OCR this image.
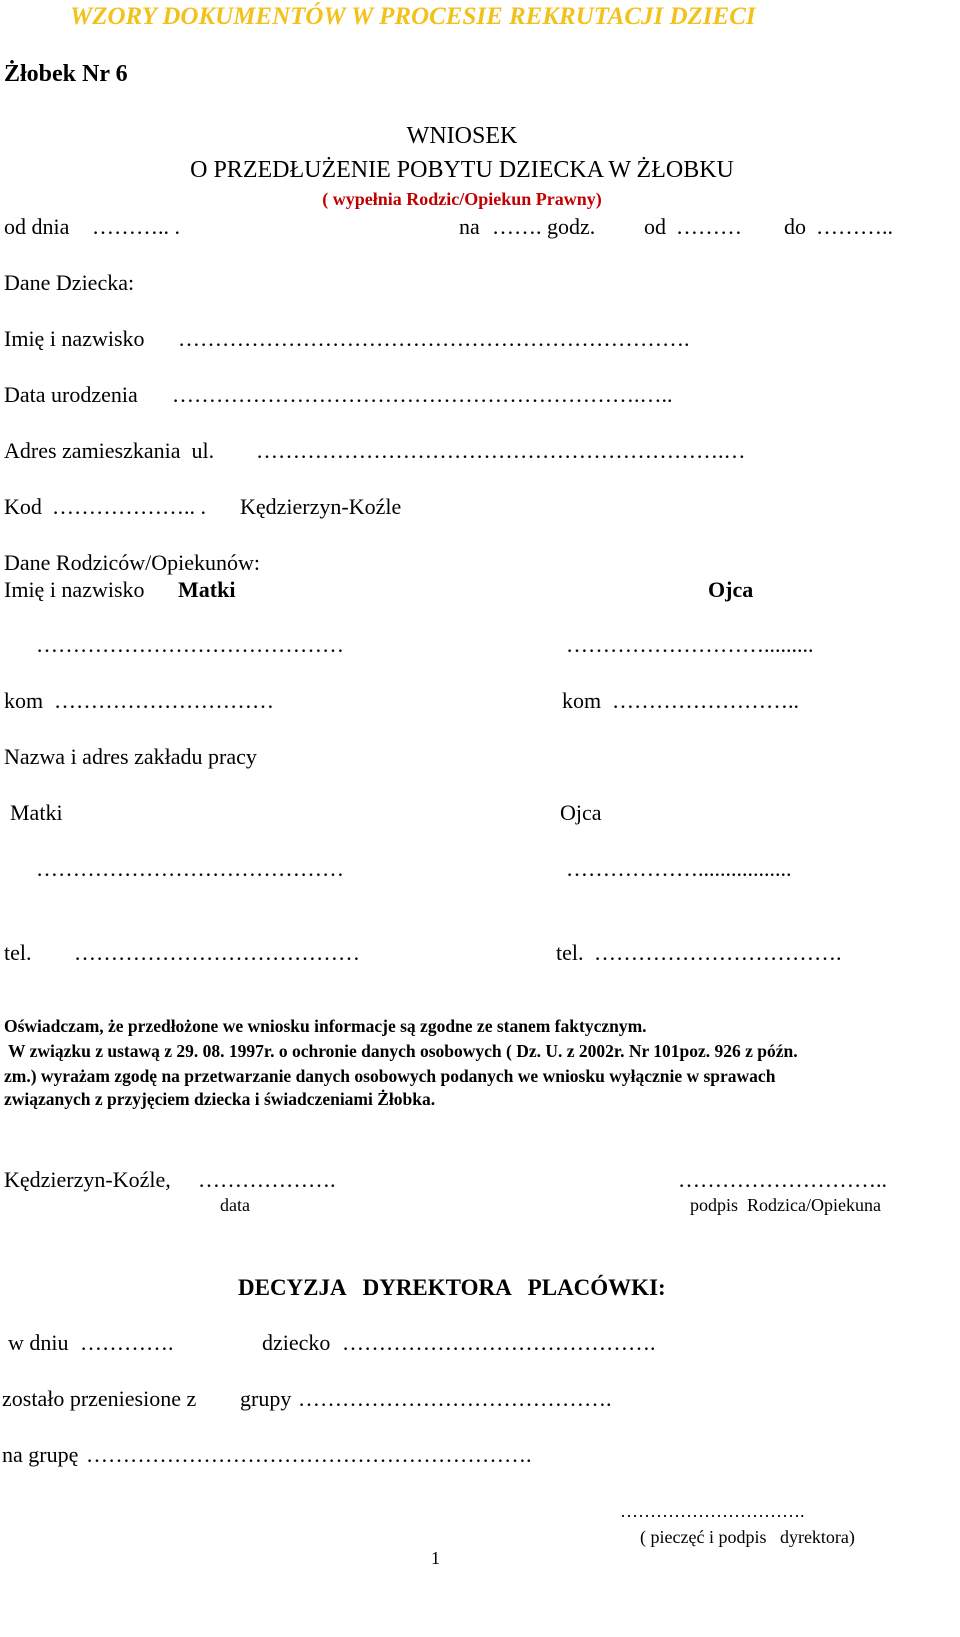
WZORY DOKUMENTÓW W PROCESIE REKRUTACJI DZIECI
Żłobek Nr 6
WNIOSEK
O PRZEDŁUŻENIE POBYTU DZIECKA W ŻŁOBKU
( wypełnia Rodzic/Opiekun Prawny)
od dnia ……….. .	na ……. godz. od ……… do ………..
Dane Dziecka:
Imię i nazwisko …………………………………………………………….
Data urodzenia ……………………………………………………….…..
Adres zamieszkania  ul. ……………………………………………………….…
Kod ……………….. . Kędzierzyn-Koźle
Dane Rodziców/Opiekunów:
Imię i nazwisko Matki	Ojca
……………………………………	……………………….........
kom …………………………	kom ……………………..
Nazwa i adres zakładu pracy
Matki	Ojca
……………………………………	……………….................
tel. …………………………………	tel. …………………………….
Oświadczam, że przedłożone we wniosku informacje są zgodne ze stanem faktycznym.
W związku z ustawą z 29. 08. 1997r. o ochronie danych osobowych ( Dz. U. z 2002r. Nr 101poz. 926 z późn.
zm.) wyrażam zgodę na przetwarzanie danych osobowych podanych we wniosku wyłącznie w sprawach
związanych z przyjęciem dziecka i świadczeniami Żłobka.
Kędzierzyn-Koźle, ……………….
data
………………………..
podpis  Rodzica/Opiekuna
DECYZJA   DYREKTORA   PLACÓWKI:
w dniu ………….	dziecko …………………………………….
zostało przeniesione z grupy …………………………………….
na grupę …………………………………………………….
………………………….
( pieczęć i podpis   dyrektora)
1
